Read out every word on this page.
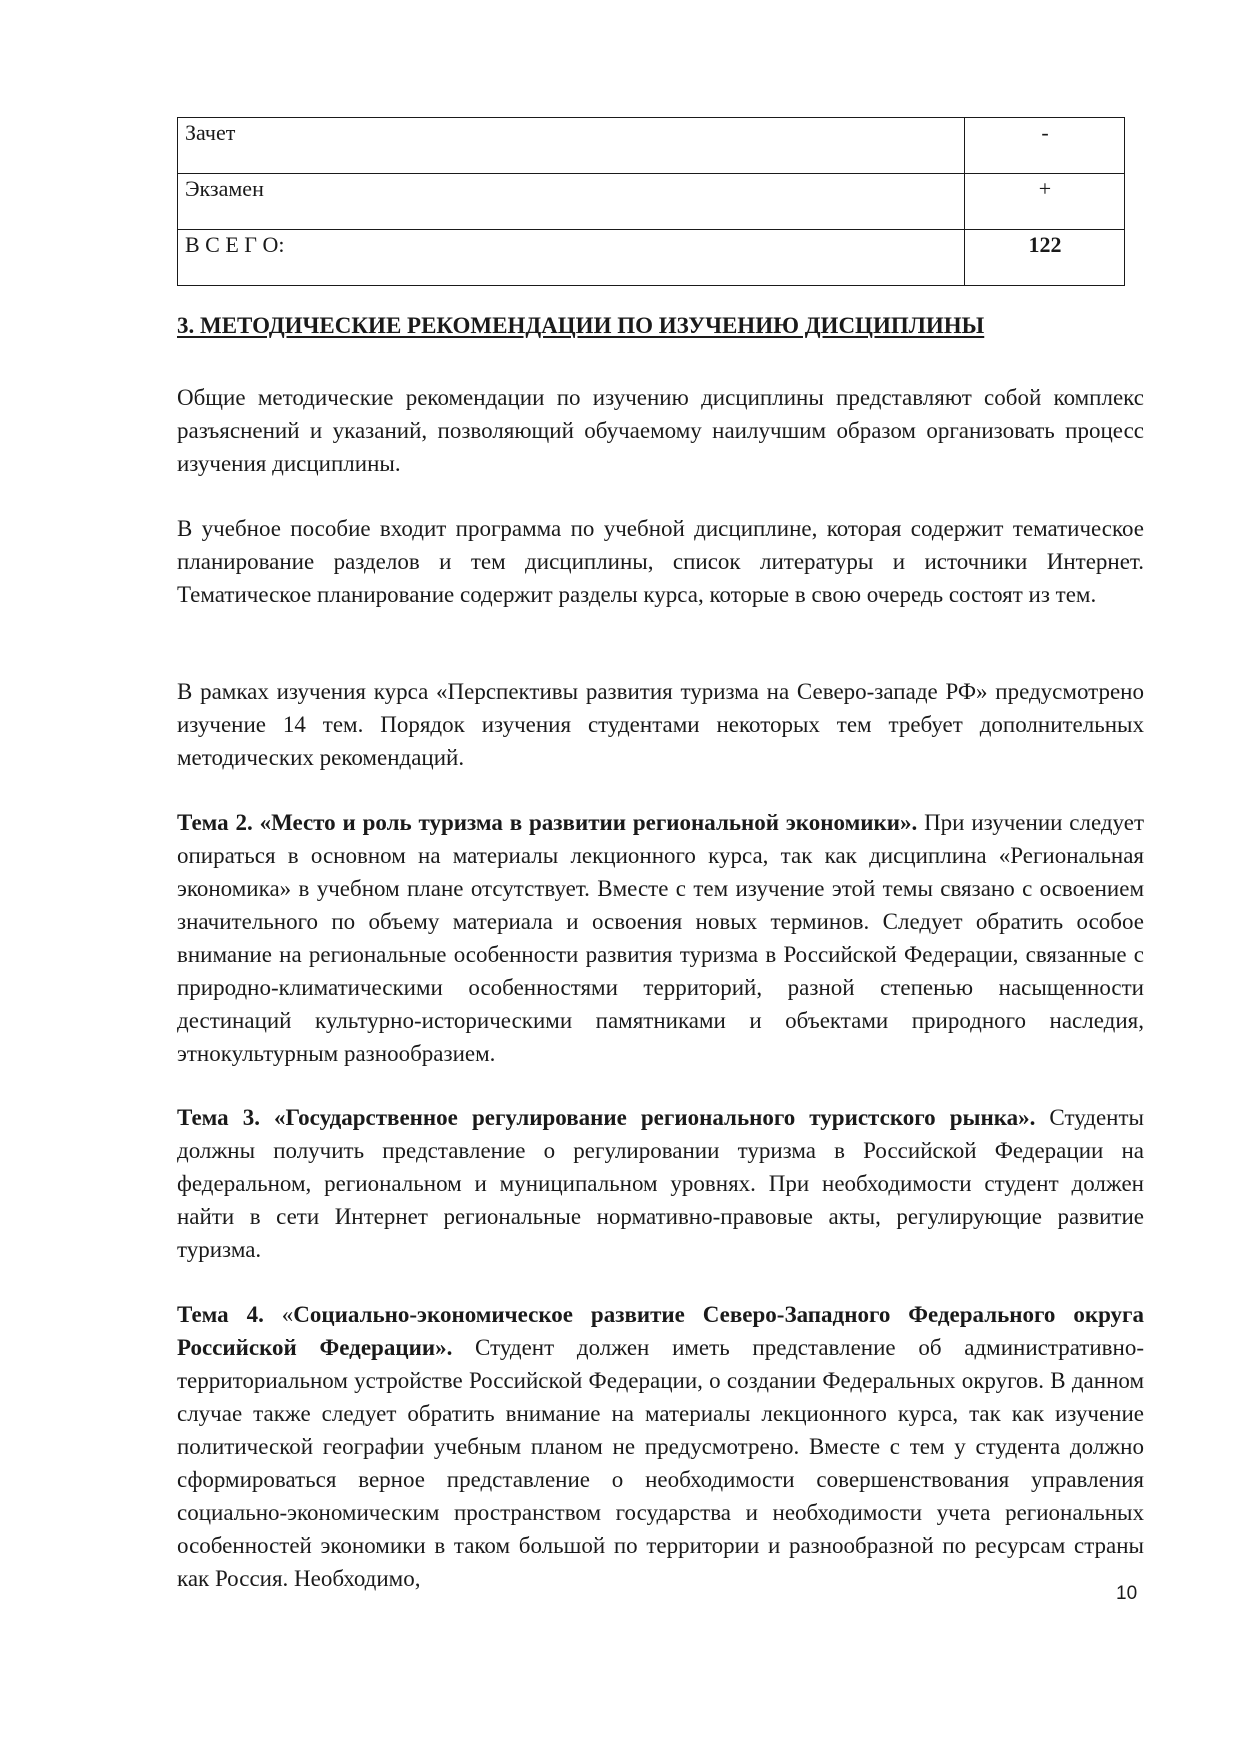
Зачет	-
Экзамен	+
В С Е Г О:	122
3. МЕТОДИЧЕСКИЕ РЕКОМЕНДАЦИИ ПО ИЗУЧЕНИЮ ДИСЦИПЛИНЫ

Общие методические рекомендации по изучению дисциплины представляют собой комплекс разъяснений и указаний, позволяющий обучаемому наилучшим образом организовать процесс изучения дисциплины.

В учебное пособие входит программа по учебной дисциплине, которая содержит тематическое планирование разделов и тем дисциплины, список литературы и источники Интернет. Тематическое планирование содержит разделы курса, которые в свою очередь состоят из тем.

В рамках изучения курса «Перспективы развития туризма на Северо-западе РФ» предусмотрено изучение 14 тем. Порядок изучения студентами некоторых тем требует дополнительных методических рекомендаций.

Тема 2. «Место и роль туризма в развитии региональной экономики». При изучении следует опираться в основном на материалы лекционного курса, так как дисциплина «Региональная экономика» в учебном плане отсутствует. Вместе с тем изучение этой темы связано с освоением значительного по объему материала и освоения новых терминов. Следует обратить особое внимание на региональные особенности развития туризма в Российской Федерации, связанные с природно-климатическими особенностями территорий, разной степенью насыщенности дестинаций культурно-историческими памятниками и объектами природного наследия, этнокультурным разнообразием.

Тема 3. «Государственное регулирование регионального туристского рынка». Студенты должны получить представление о регулировании туризма в Российской Федерации на федеральном, региональном и муниципальном уровнях. При необходимости студент должен найти в сети Интернет региональные нормативно-правовые акты, регулирующие развитие туризма.

Тема 4. «Социально-экономическое развитие Северо-Западного Федерального округа Российской Федерации». Студент должен иметь представление об административно-территориальном устройстве Российской Федерации, о создании Федеральных округов. В данном случае также следует обратить внимание на материалы лекционного курса, так как изучение политической географии учебным планом не предусмотрено. Вместе с тем у студента должно сформироваться верное представление о необходимости совершенствования управления социально-экономическим пространством государства и необходимости учета региональных особенностей экономики в таком большой по территории и разнообразной по ресурсам страны как Россия. Необходимо,

10
